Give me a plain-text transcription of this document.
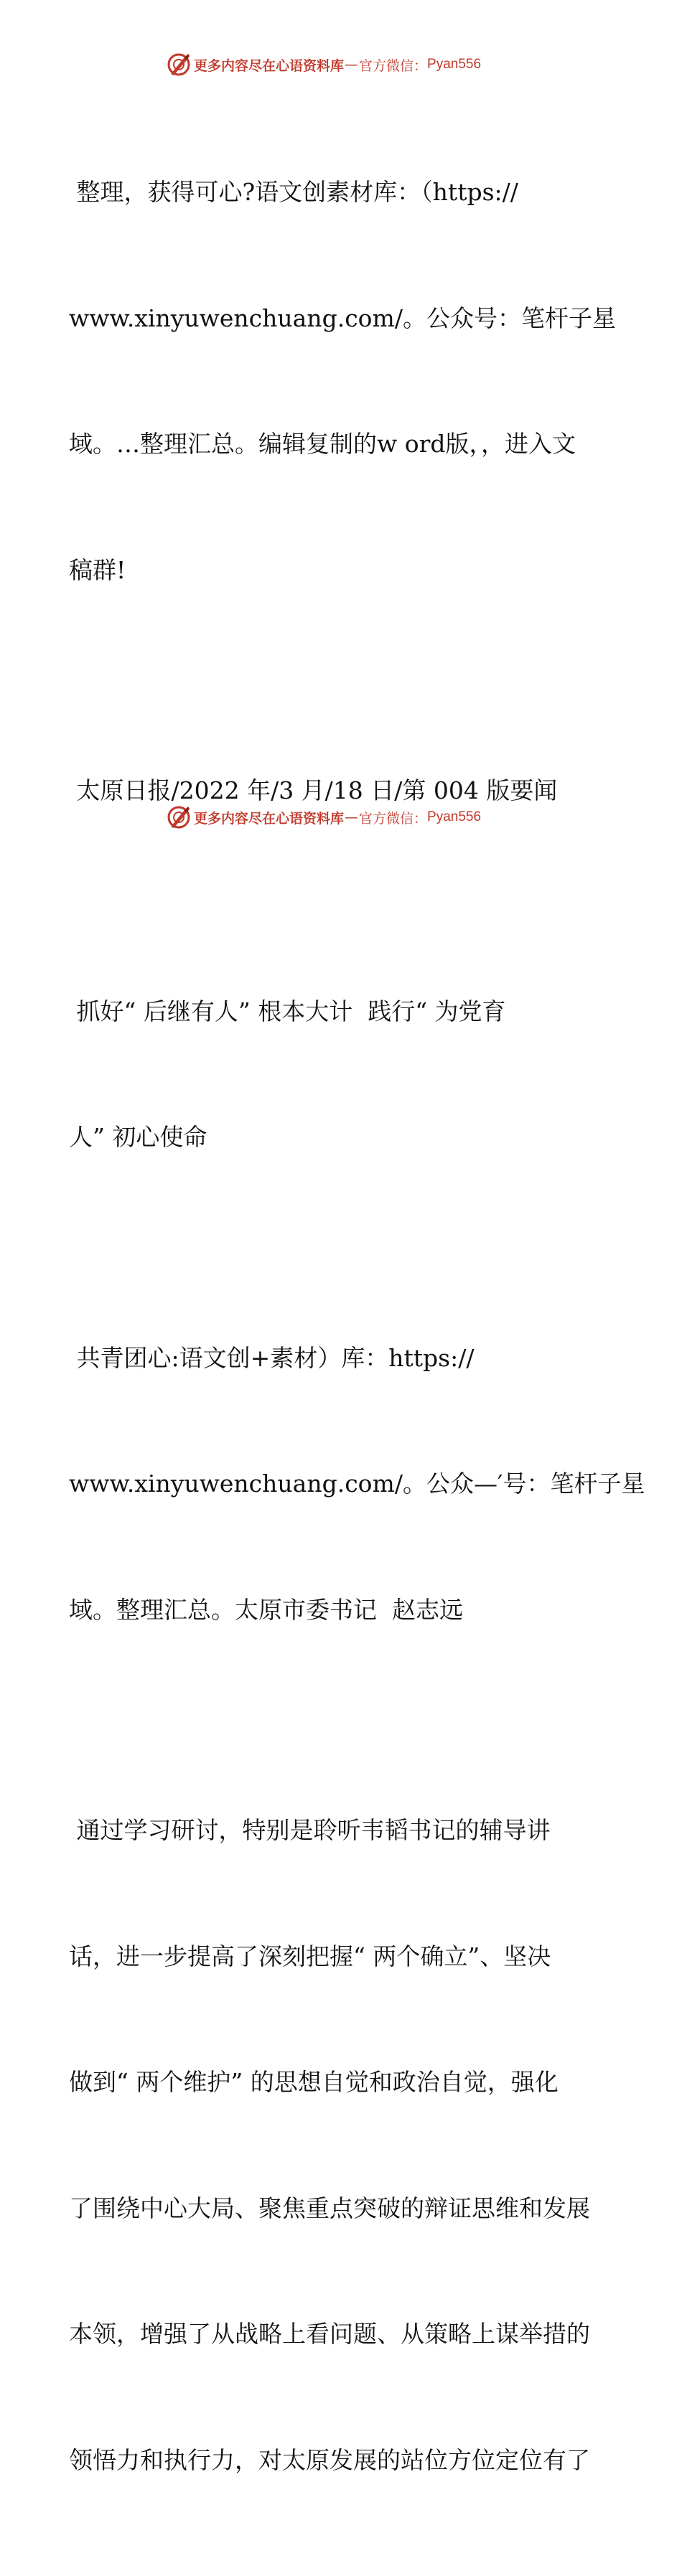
更多内容尽在心语资料库 — 官方微信： Pyan556

整理，获得可心?语文创素材库：（https://

www.xinyuwenchuang.com/。公众号：笔杆子星

域。…整理汇总。编辑复制的w ord版，，进入文

稿群!

太原日报/2022 年/3 月/18 日/第 004 版要闻

抓好“ 后继有人” 根本大计  践行“ 为党育

人” 初心使命

共青团心:语文创+素材）库：https://

www.xinyuwenchuang.com/。公众—′号：笔杆子星

域。整理汇总。太原市委书记  赵志远

通过学习研讨，特别是聆听韦韬书记的辅导讲

话，进一步提高了深刻把握“ 两个确立”、坚决

做到“ 两个维护” 的思想自觉和政治自觉，强化

了围绕中心大局、聚焦重点突破的辩证思维和发展

本领，增强了从战略上看问题、从策略上谋举措的

领悟力和执行力，对太原发展的站位方位定位有了

更多内容尽在心语资料库 — 官方微信： Pyan556
